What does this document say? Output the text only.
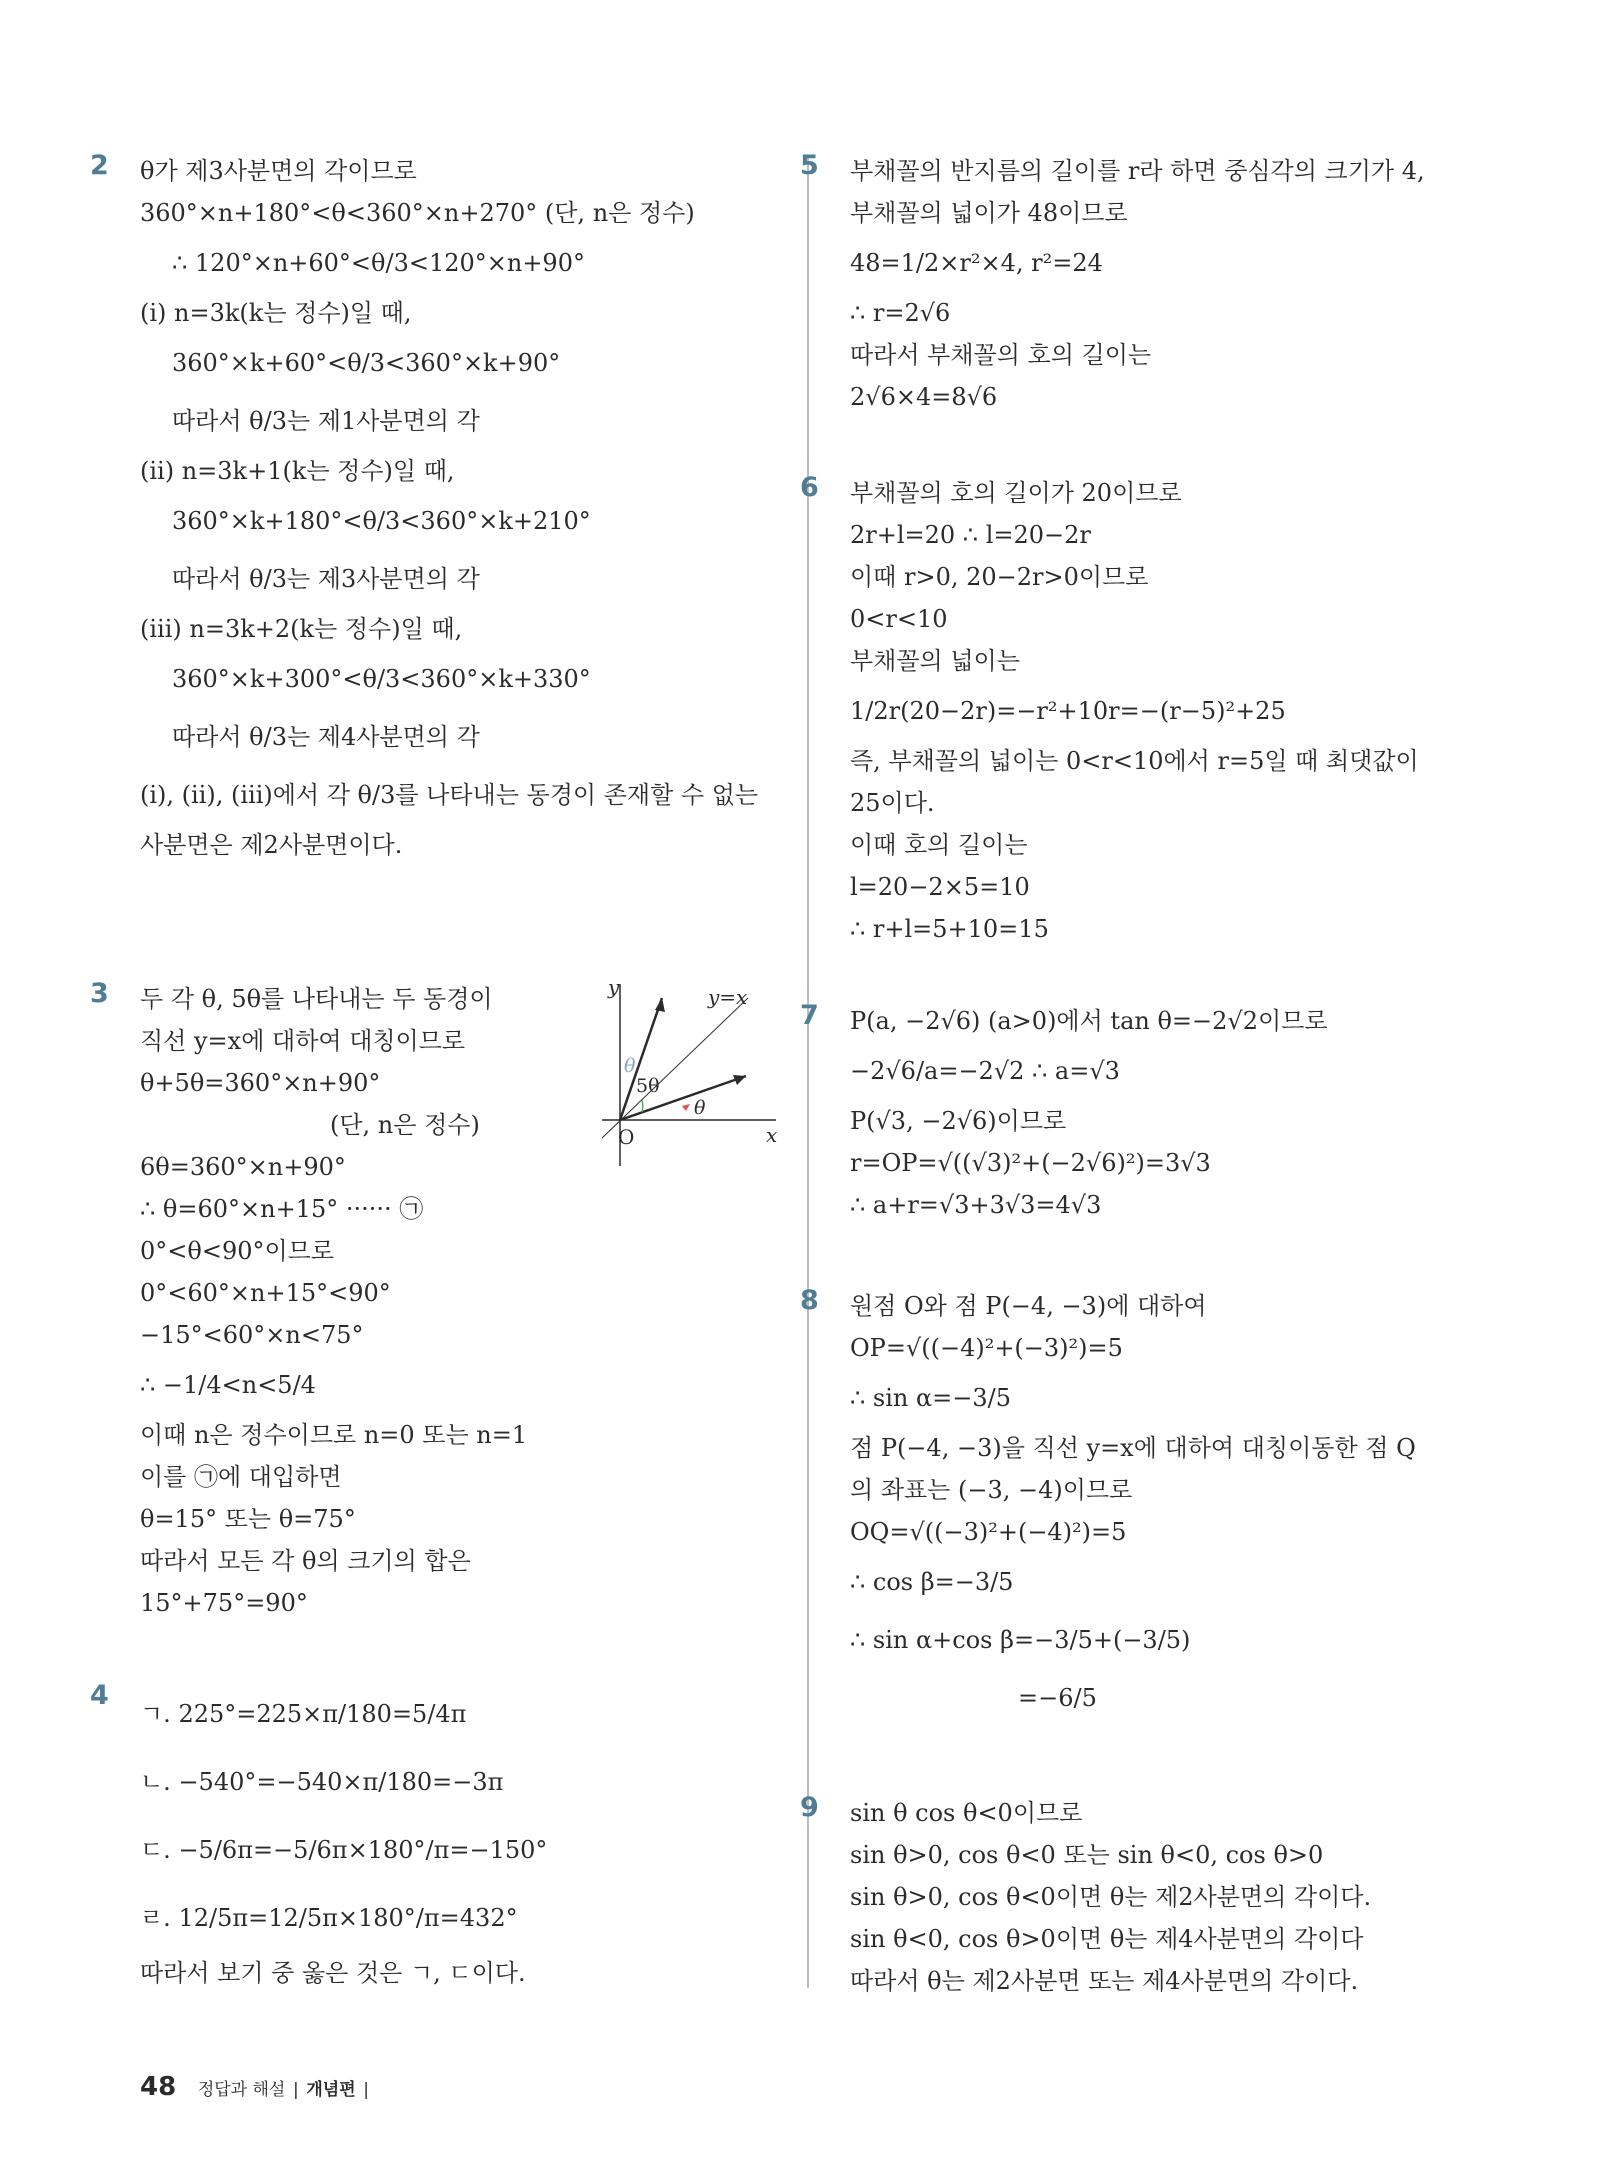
2 θ가 제3사분면의 각이므로
360°×n+180°<θ<360°×n+270° (단, n은 정수)
∴ 120°×n+60°<θ/3<120°×n+90°
(ⅰ) n=3k(k는 정수)일 때,
360°×k+60°<θ/3<360°×k+90°
따라서 θ/3는 제1사분면의 각
(ⅱ) n=3k+1(k는 정수)일 때,
360°×k+180°<θ/3<360°×k+210°
따라서 θ/3는 제3사분면의 각
(ⅲ) n=3k+2(k는 정수)일 때,
360°×k+300°<θ/3<360°×k+330°
따라서 θ/3는 제4사분면의 각
(ⅰ), (ⅱ), (ⅲ)에서 각 θ/3를 나타내는 동경이 존재할 수 없는
사분면은 제2사분면이다.
3 두 각 θ, 5θ를 나타내는 두 동경이
직선 y=x에 대하여 대칭이므로
θ+5θ=360°×n+90°
(단, n은 정수)
6θ=360°×n+90°
∴ θ=60°×n+15° ······ ㉠
0°<θ<90°이므로
0°<60°×n+15°<90°
−15°<60°×n<75°
∴ −1/4<n<5/4
이때 n은 정수이므로 n=0 또는 n=1
이를 ㉠에 대입하면
θ=15° 또는 θ=75°
따라서 모든 각 θ의 크기의 합은
15°+75°=90°
y
x
y=x
O
5θ
θ
θ
4
ㄱ. 225°=225×π/180=5/4π
ㄴ. −540°=−540×π/180=−3π
ㄷ. −5/6π=−5/6π×180°/π=−150°
ㄹ. 12/5π=12/5π×180°/π=432°
따라서 보기 중 옳은 것은 ㄱ, ㄷ이다.
5 부채꼴의 반지름의 길이를 r라 하면 중심각의 크기가 4,
부채꼴의 넓이가 48이므로
48=1/2×r²×4, r²=24
∴ r=2√6
따라서 부채꼴의 호의 길이는
2√6×4=8√6
6 부채꼴의 호의 길이가 20이므로
2r+l=20 ∴ l=20−2r
이때 r>0, 20−2r>0이므로
0<r<10
부채꼴의 넓이는
1/2r(20−2r)=−r²+10r=−(r−5)²+25
즉, 부채꼴의 넓이는 0<r<10에서 r=5일 때 최댓값이
25이다.
이때 호의 길이는
l=20−2×5=10
∴ r+l=5+10=15
7 P(a, −2√6) (a>0)에서 tan θ=−2√2이므로
−2√6/a=−2√2 ∴ a=√3
P(√3, −2√6)이므로
r=OP=√((√3)²+(−2√6)²)=3√3
∴ a+r=√3+3√3=4√3
8 원점 O와 점 P(−4, −3)에 대하여
OP=√((−4)²+(−3)²)=5
∴ sin α=−3/5
점 P(−4, −3)을 직선 y=x에 대하여 대칭이동한 점 Q
의 좌표는 (−3, −4)이므로
OQ=√((−3)²+(−4)²)=5
∴ cos β=−3/5
∴ sin α+cos β=−3/5+(−3/5)
=−6/5
9 sin θ cos θ<0이므로
sin θ>0, cos θ<0 또는 sin θ<0, cos θ>0
sin θ>0, cos θ<0이면 θ는 제2사분면의 각이다.
sin θ<0, cos θ>0이면 θ는 제4사분면의 각이다
따라서 θ는 제2사분면 또는 제4사분면의 각이다.
48 정답과 해설 | 개념편 |
